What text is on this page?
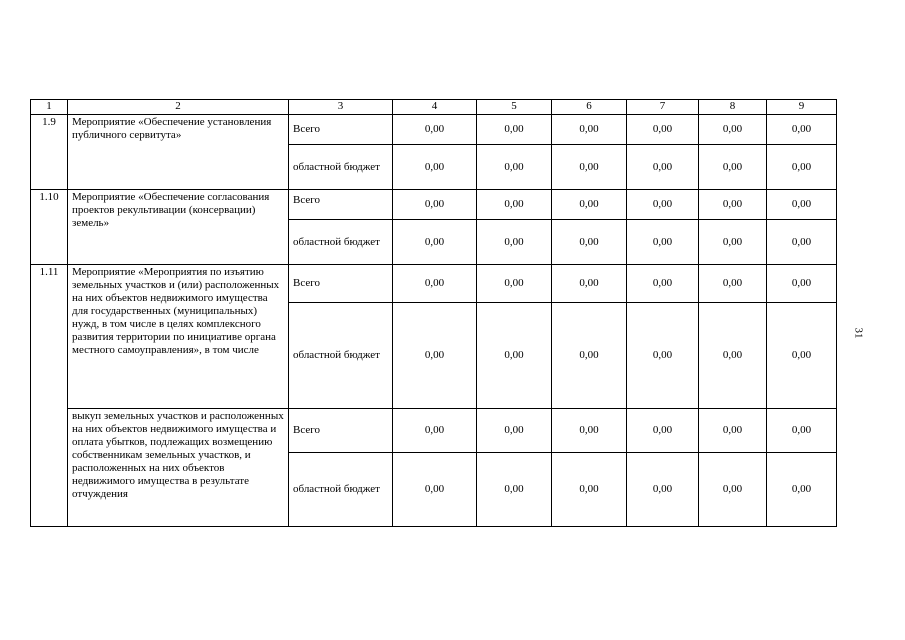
1	2	3	4	5	6	7	8	9
1.9	Мероприятие «Обеспечение установления публичного сервитута»	Всего	0,00	0,00	0,00	0,00	0,00	0,00
		областной бюджет	0,00	0,00	0,00	0,00	0,00	0,00
1.10	Мероприятие «Обеспечение согласования проектов рекультивации (консервации) земель»	Всего	0,00	0,00	0,00	0,00	0,00	0,00
		областной бюджет	0,00	0,00	0,00	0,00	0,00	0,00
1.11	Мероприятие «Мероприятия по изъятию земельных участков и (или) расположенных на них объектов недвижимого имущества для государственных (муниципальных) нужд, в том числе в целях комплексного развития территории по инициативе органа местного самоуправления», в том числе	Всего	0,00	0,00	0,00	0,00	0,00	0,00
		областной бюджет	0,00	0,00	0,00	0,00	0,00	0,00
	выкуп земельных участков и расположенных на них объектов недвижимого имущества и оплата убытков, подлежащих возмещению собственникам земельных участков, и расположенных на них объектов недвижимого имущества в результате отчуждения	Всего	0,00	0,00	0,00	0,00	0,00	0,00
		областной бюджет	0,00	0,00	0,00	0,00	0,00	0,00
31
